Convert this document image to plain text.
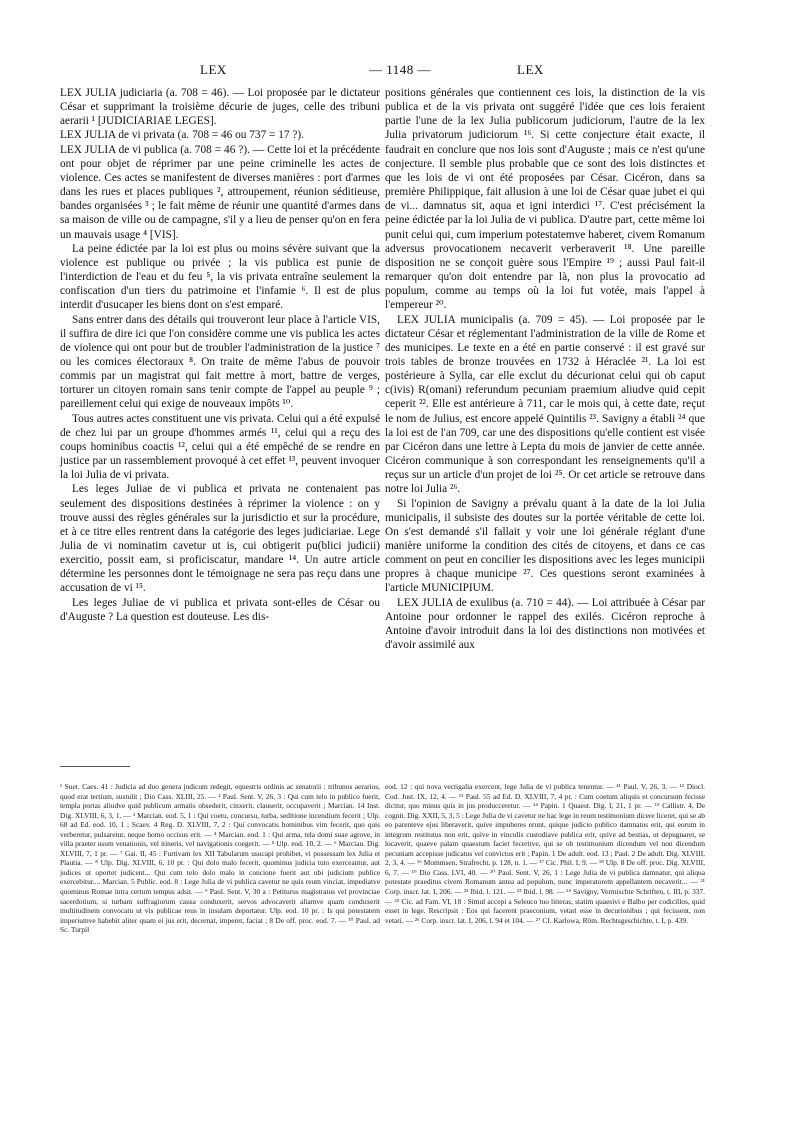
LEX	— 1148 —	LEX

LEX JULIA judiciaria (a. 708 = 46). — Loi proposée par le dictateur César et supprimant la troisième décurie de juges, celle des tribuni aerarii ¹ [JUDICIARIAE LEGES].

LEX JULIA de vi privata (a. 708 = 46 ou 737 = 17 ?).

LEX JULIA de vi publica (a. 708 = 46 ?). — Cette loi et la précédente ont pour objet de réprimer par une peine criminelle les actes de violence. Ces actes se manifestent de diverses manières : port d'armes dans les rues et places publiques ², attroupement, réunion séditieuse, bandes organisées ³ ; le fait même de réunir une quantité d'armes dans sa maison de ville ou de campagne, s'il y a lieu de penser qu'on en fera un mauvais usage ⁴ [VIS].

La peine édictée par la loi est plus ou moins sévère suivant que la violence est publique ou privée ; la vis publica est punie de l'interdiction de l'eau et du feu ⁵, la vis privata entraîne seulement la confiscation d'un tiers du patrimoine et l'infamie ⁶. Il est de plus interdit d'usucaper les biens dont on s'est emparé.

Sans entrer dans des détails qui trouveront leur place à l'article VIS, il suffira de dire ici que l'on considère comme une vis publica les actes de violence qui ont pour but de troubler l'administration de la justice ⁷ ou les comices électoraux ⁸. On traite de même l'abus de pouvoir commis par un magistrat qui fait mettre à mort, battre de verges, torturer un citoyen romain sans tenir compte de l'appel au peuple ⁹ ; pareillement celui qui exige de nouveaux impôts ¹⁰.

Tous autres actes constituent une vis privata. Celui qui a été expulsé de chez lui par un groupe d'hommes armés ¹¹, celui qui a reçu des coups hominibus coactis ¹², celui qui a été empêché de se rendre en justice par un rassemblement provoqué à cet effet ¹³, peuvent invoquer la loi Julia de vi privata.

Les leges Juliae de vi publica et privata ne contenaient pas seulement des dispositions destinées à réprimer la violence : on y trouve aussi des règles générales sur la jurisdictio et sur la procédure, et à ce titre elles rentrent dans la catégorie des leges judiciariae. Lege Julia de vi nominatim cavetur ut is, cui obtigerit pu(blici judicii) exercitio, possit eam, si proficiscatur, mandare ¹⁴. Un autre article détermine les personnes dont le témoignage ne sera pas reçu dans une accusation de vi ¹⁵.

Les leges Juliae de vi publica et privata sont-elles de César ou d'Auguste ? La question est douteuse. Les dis-

positions générales que contiennent ces lois, la distinction de la vis publica et de la vis privata ont suggéré l'idée que ces lois feraient partie l'une de la lex Julia publicorum judiciorum, l'autre de la lex Julia privatorum judiciorum ¹⁶. Si cette conjecture était exacte, il faudrait en conclure que nos lois sont d'Auguste ; mais ce n'est qu'une conjecture. Il semble plus probable que ce sont des lois distinctes et que les lois de vi ont été proposées par César. Cicéron, dans sa première Philippique, fait allusion à une loi de César quae jubet ei qui de vi... damnatus sit, aqua et igni interdici ¹⁷. C'est précisément la peine édictée par la loi Julia de vi publica. D'autre part, cette même loi punit celui qui, cum imperium potestatemve haberet, civem Romanum adversus provocationem necaverit verberaverit ¹⁸. Une pareille disposition ne se conçoit guère sous l'Empire ¹⁹ ; aussi Paul fait-il remarquer qu'on doit entendre par là, non plus la provocatio ad populum, comme au temps où la loi fut votée, mais l'appel à l'empereur ²⁰.

LEX JULIA municipalis (a. 709 = 45). — Loi proposée par le dictateur César et réglementant l'administration de la ville de Rome et des municipes. Le texte en a été en partie conservé : il est gravé sur trois tables de bronze trouvées en 1732 à Héraclée ²¹. La loi est postérieure à Sylla, car elle exclut du décurionat celui qui ob caput c(ivis) R(omani) referundum pecuniam praemium aliudve quid cepit ceperit ²². Elle est antérieure à 711, car le mois qui, à cette date, reçut le nom de Julius, est encore appelé Quintilis ²³. Savigny a établi ²⁴ que la loi est de l'an 709, car une des dispositions qu'elle contient est visée par Cicéron dans une lettre à Lepta du mois de janvier de cette année. Cicéron communique à son correspondant les renseignements qu'il a reçus sur un article d'un projet de loi ²⁵. Or cet article se retrouve dans notre loi Julia ²⁶.

Si l'opinion de Savigny a prévalu quant à la date de la loi Julia municipalis, il subsiste des doutes sur la portée véritable de cette loi. On s'est demandé s'il fallait y voir une loi générale réglant d'une manière uniforme la condition des cités de citoyens, et dans ce cas comment on peut en concilier les dispositions avec les leges municipii propres à chaque municipe ²⁷. Ces questions seront examinées à l'article MUNICIPIUM.

LEX JULIA de exulibus (a. 710 = 44). — Loi attribuée à César par Antoine pour ordonner le rappel des exilés. Cicéron reproche à Antoine d'avoir introduit dans la loi des distinctions non motivées et d'avoir assimilé aux

¹ Suet. Caes. 41 : Judicia ad duo genera judicum redegit, equestris ordinis ac senatorii : tribunos aerarios, quod erat tertium, sustulit ; Dio Cass. XLIII, 25. — ² Paul. Sent. V, 26, 3 : Qui cum telo in publico fuerit, templa portas aliudve quid publicum armatis obsederit, cinxerit, clauserit, occupaverit ; Marcian. 14 Inst. Dig. XLVIII, 6, 3, 1. — ³ Marcian. eod. 5, 1 : Qui coetu, concursu, turba, seditione incendium fecerit ; Ulp. 68 ad Ed. eod. 10, 1 ; Scaev. 4 Reg. D. XLVIII, 7, 2 : Qui convocatis hominibus vim fecerit, quo quis verberetur, pulsaretur, neque homo occisus erit. — ⁴ Marcian. eod. 1 : Qui arma, tela domi suae agrove, in villa praeter usum venationis, vel itineris, vel navigationis coegerit. — ⁵ Ulp. eod. 10, 2. — ⁶ Marcian. Dig. XLVIII, 7, 1 pr. — ⁷ Gai. II, 45 : Furtivam lex XII Tabularum usucapi prohibet, vi possessam lex Julia et Plautia. — ⁸ Ulp. Dig. XLVIII, 6, 10 pr. : Qui dolo malo fecerit, quominus judicia tuto exerceantur, aut judices ut oportet judicent... Qui cum telo dolo malo in concione fuerit aut ubi judicium publice exercebitur.... Marcian. 5 Public. eod. 8 : Lege Julia de vi publica cavetur ne quis reum vinciat, impediatve quominus Romae intra certum tempus adsit. — ⁹ Paul. Sent. V, 30 a : Petiturus magistratus vel provinciae sacerdotium, si turbam suffragiorum causa conduxerit, servos advocaverit aliamve quam conduxerit multitudinem convocatu ut vis publicae reus in insulam deportatur. Ulp. eod. 10 pr. : Is qui potestatem imperiumve habebit aliter quam ei jus erit, decernat, imperet, faciat ; 8 De off. proc. eod. 7. — ¹⁰ Paul. ad Sc. Turpil

eod. 12 : qui nova vectigalia exercent, lege Julia de vi publica tenentur. — ¹¹ Paul. V, 26, 3. — ¹² Diocl. Cod. Just. IX, 12, 4. — ¹³ Paul. 55 ad Ed. D. XLVIII, 7, 4 pr. : Cum coetum aliquis et concursum fecisse dicitur, quo minus quis in jus producceretur. — ¹⁴ Papin. 1 Quaest. Dig. I, 21, 1 pr. — ¹⁵ Callistr. 4, De cognit. Dig. XXII, 5, 3, 5 : Lege Julia de vi cavetur ne hac lege in reum testimonium dicere liceret, qui se ab eo parenteve ejus liberaverit, quive impuberes erunt, quique judicio publico damnatus erit, qui eorum in integrum restitutus non erit, quive in vinculis custodiave publica erit, quive ad bestias, ut depugnaret, se locaverit, quaeve palam quaestum faciet feceritve, qui se ob testimonium dicendum vel non dicendum pecuniam accepisse judicatus vel convictus erit ; Papin. 1 De adult. eod. 13 ; Paul. 2 De adult. Dig. XLVIII, 2, 3, 4. — ¹⁶ Mommsen, Strafrecht, p. 128, n. 1. — ¹⁷ Cic. Phil. I, 9. — ¹⁸ Ulp. 8 De off. proc. Dig. XLVIII, 6, 7. — ¹⁹ Dio Cass. LVI, 40. — ²⁰ Paul. Sent. V, 26, 1 : Lege Julia de vi publica damnatur, qui aliqua potestate praeditus civem Romanum antea ad populum, nunc imperatorem appellantem necaverit... — ²¹ Corp. inscr. lat. I, 206. — ²² Ibid. l. 121. — ²³ Ibid. l. 98. — ²⁴ Savigny, Vermischte Schriften, t. III, p. 337. — ²⁵ Cic. ad Fam. VI, 18 : Simul accepi a Seleuco tuo litteras, statim quaesivi e Balbo per codicillos, quid esset in lege. Rescripsit : Eos qui facerent praeconium, vetari esse in decurionibus ; qui fecissent, non vetari. — ²⁶ Corp. inscr. lat. I, 206, l. 94 et 104. — ²⁷ Cf. Karlowa, Röm. Rechtsgeschichte, t. I, p. 439.
